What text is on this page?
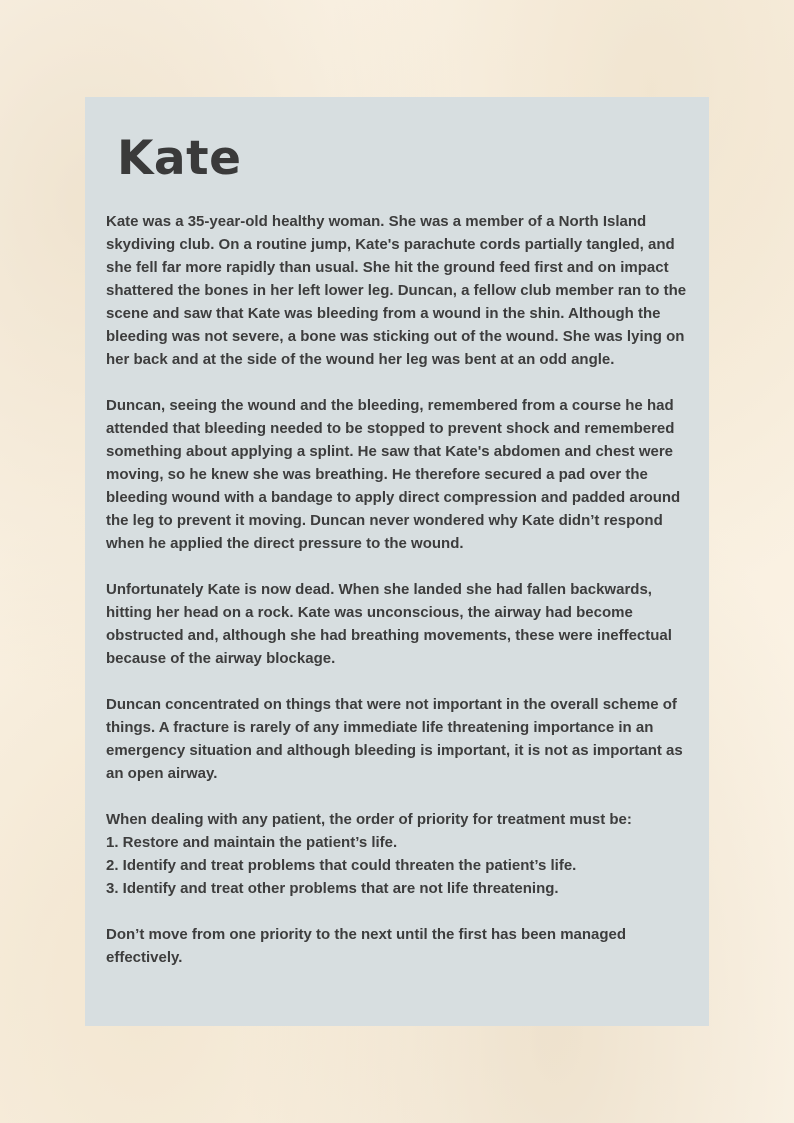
Kate

Kate was a 35-year-old healthy woman. She was a member of a North Island skydiving club. On a routine jump, Kate's parachute cords partially tangled, and she fell far more rapidly than usual. She hit the ground feed first and on impact shattered the bones in her left lower leg. Duncan, a fellow club member ran to the scene and saw that Kate was bleeding from a wound in the shin. Although the bleeding was not severe, a bone was sticking out of the wound. She was lying on her back and at the side of the wound her leg was bent at an odd angle.

Duncan, seeing the wound and the bleeding, remembered from a course he had attended that bleeding needed to be stopped to prevent shock and remembered something about applying a splint. He saw that Kate's abdomen and chest were moving, so he knew she was breathing. He therefore secured a pad over the bleeding wound with a bandage to apply direct compression and padded around the leg to prevent it moving. Duncan never wondered why Kate didn’t respond when he applied the direct pressure to the wound.

Unfortunately Kate is now dead. When she landed she had fallen backwards, hitting her head on a rock. Kate was unconscious, the airway had become obstructed and, although she had breathing movements, these were ineffectual because of the airway blockage.

Duncan concentrated on things that were not important in the overall scheme of things. A fracture is rarely of any immediate life threatening importance in an emergency situation and although bleeding is important, it is not as important as an open airway.

When dealing with any patient, the order of priority for treatment must be:

1. Restore and maintain the patient’s life.
2. Identify and treat problems that could threaten the patient’s life.
3. Identify and treat other problems that are not life threatening.

Don’t move from one priority to the next until the first has been managed effectively.
